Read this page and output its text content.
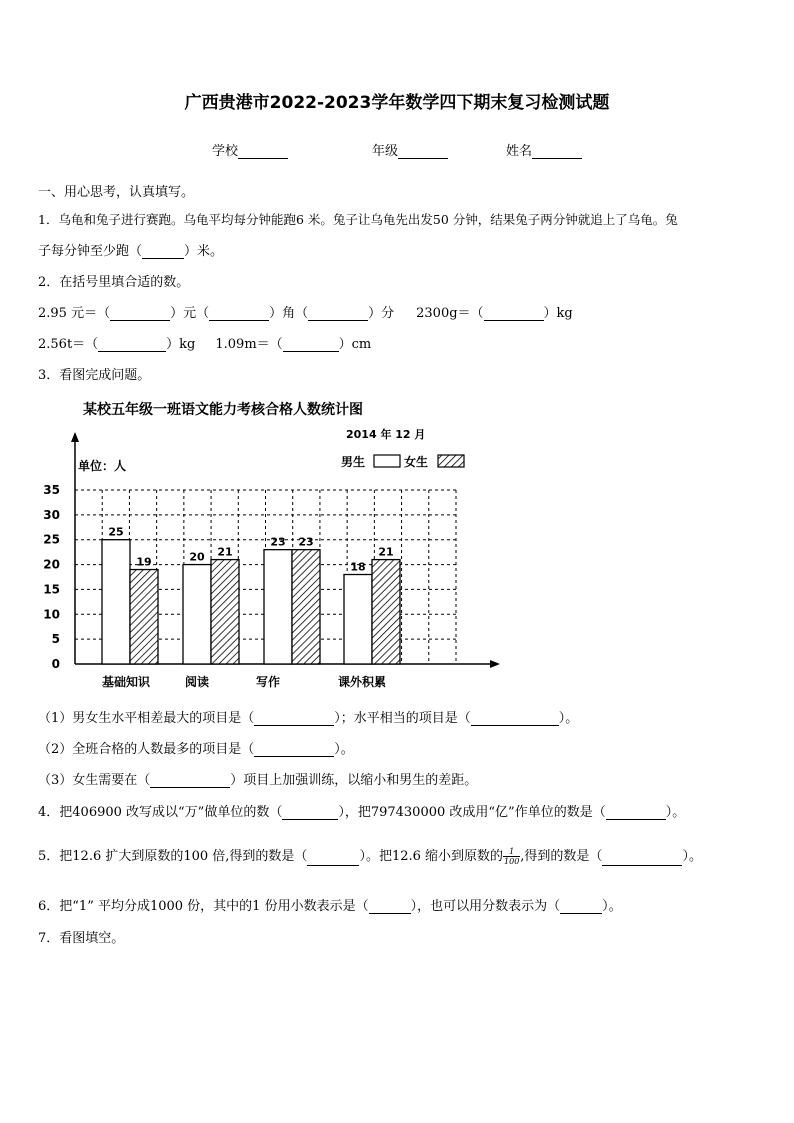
广西贵港市2022-2023学年数学四下期末复习检测试题
学校	年级	姓名
一、用心思考，认真填写。
1．乌龟和兔子进行赛跑。乌龟平均每分钟能跑6 米。兔子让乌龟先出发50 分钟，结果兔子两分钟就追上了乌龟。兔
子每分钟至少跑（	）米。
2．在括号里填合适的数。
2.95 元＝（	）元（	）角（	）分 2300g＝（	）kg
2.56t＝（	）kg 1.09m＝（	）cm
3．看图完成问题。
某校五年级一班语文能力考核合格人数统计图
0
5
10
15
20
25
30
35
25
19	20 21
23 23
18
21
基础知识	阅读	写作	课外积累
单位：人
2014 年 12 月
男生	女生
（1）男女生水平相差最大的项目是（	）；水平相当的项目是（	）。
（2）全班合格的人数最多的项目是（	）。
（3）女生需要在（	）项目上加强训练，以缩小和男生的差距。
4．把406900 改写成以“万”做单位的数（	），把797430000 改成用“亿”作单位的数是（	）。
5．把12.6 扩大到原数的100 倍,得到的数是（	）。把12.6 缩小到原数的 $\frac{1}{100}$ ,得到的数是（	）。
6．把“1” 平均分成1000 份，其中的1 份用小数表示是（	），也可以用分数表示为（	）。
7．看图填空。
